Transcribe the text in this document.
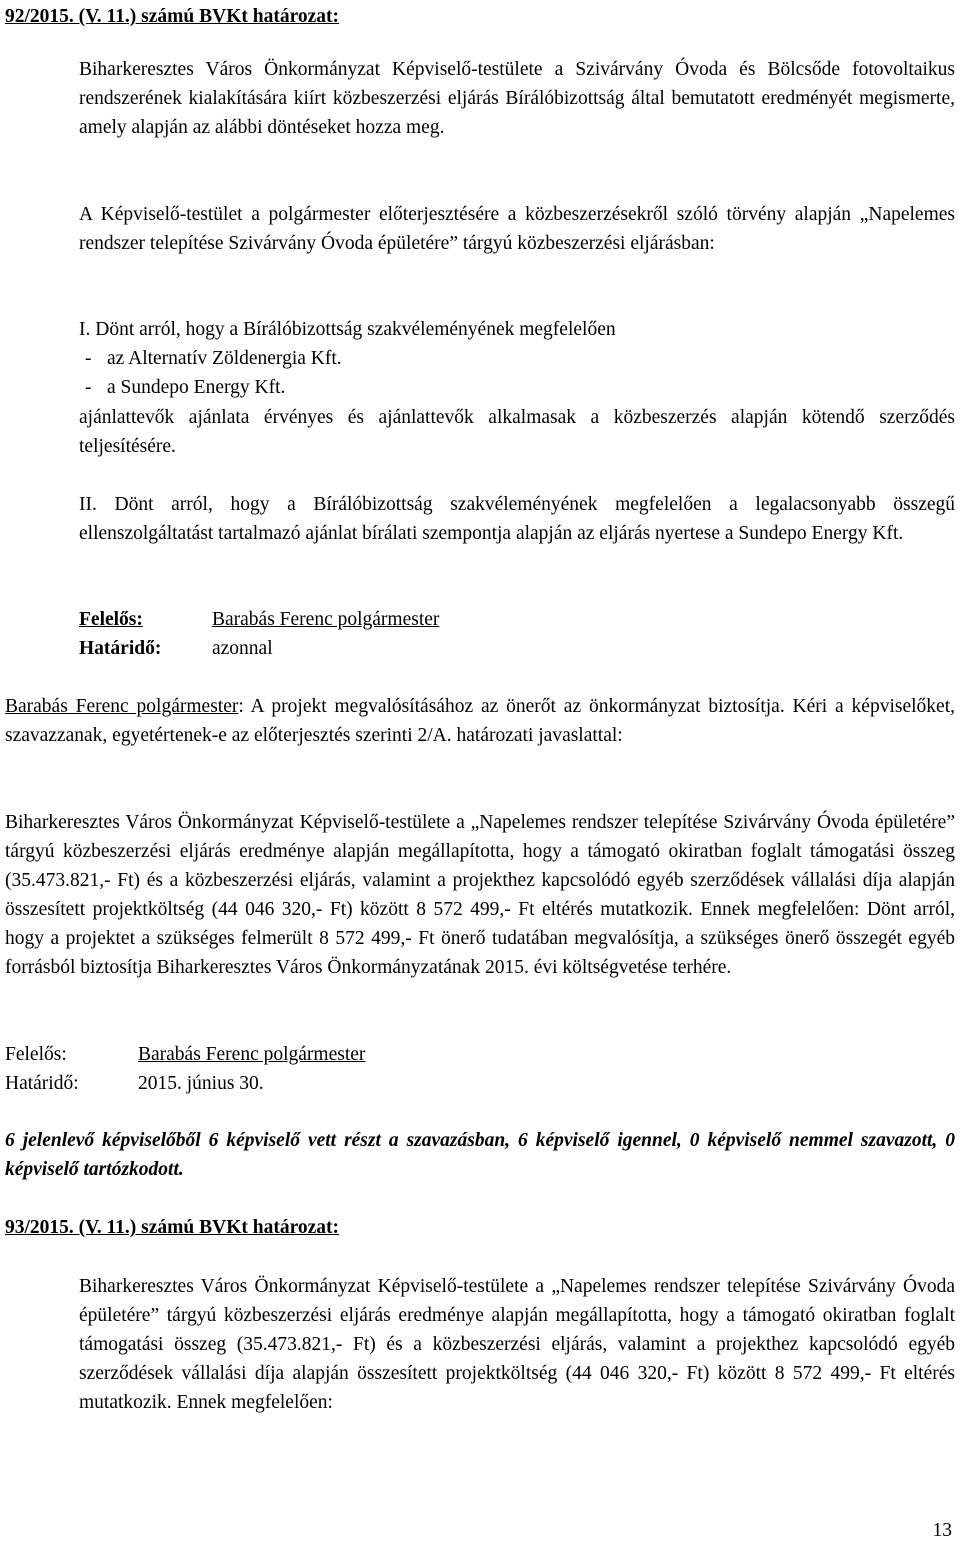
92/2015. (V. 11.) számú BVKt határozat:
Biharkeresztes Város Önkormányzat Képviselő-testülete a Szivárvány Óvoda és Bölcsőde fotovoltaikus rendszerének kialakítására kiírt közbeszerzési eljárás Bírálóbizottság által bemutatott eredményét megismerte, amely alapján az alábbi döntéseket hozza meg.
A Képviselő-testület a polgármester előterjesztésére a közbeszerzésekről szóló törvény alapján „Napelemes rendszer telepítése Szivárvány Óvoda épületére” tárgyú közbeszerzési eljárásban:
I. Dönt arról, hogy a Bírálóbizottság szakvéleményének megfelelően
- az Alternatív Zöldenergia Kft.
- a Sundepo Energy Kft.
ajánlattevők ajánlata érvényes és ajánlattevők alkalmasak a közbeszerzés alapján kötendő szerződés teljesítésére.
II. Dönt arról, hogy a Bírálóbizottság szakvéleményének megfelelően a legalacsonyabb összegű ellenszolgáltatást tartalmazó ajánlat bírálati szempontja alapján az eljárás nyertese a Sundepo Energy Kft.
Felelős:	Barabás Ferenc polgármester
Határidő:	azonnal
Barabás Ferenc polgármester: A projekt megvalósításához az önerőt az önkormányzat biztosítja. Kéri a képviselőket, szavazzanak, egyetértenek-e az előterjesztés szerinti 2/A. határozati javaslattal:
Biharkeresztes Város Önkormányzat Képviselő-testülete a „Napelemes rendszer telepítése Szivárvány Óvoda épületére” tárgyú közbeszerzési eljárás eredménye alapján megállapította, hogy a támogató okiratban foglalt támogatási összeg (35.473.821,- Ft) és a közbeszerzési eljárás, valamint a projekthez kapcsolódó egyéb szerződések vállalási díja alapján összesített projektköltség (44 046 320,- Ft) között 8 572 499,- Ft eltérés mutatkozik. Ennek megfelelően: Dönt arról, hogy a projektet a szükséges felmerült 8 572 499,- Ft önerő tudatában megvalósítja, a szükséges önerő összegét egyéb forrásból biztosítja Biharkeresztes Város Önkormányzatának 2015. évi költségvetése terhére.
Felelős:	Barabás Ferenc polgármester
Határidő:	2015. június 30.
6 jelenlevő képviselőből 6 képviselő vett részt a szavazásban, 6 képviselő igennel, 0 képviselő nemmel szavazott, 0 képviselő tartózkodott.
93/2015. (V. 11.) számú BVKt határozat:
Biharkeresztes Város Önkormányzat Képviselő-testülete a „Napelemes rendszer telepítése Szivárvány Óvoda épületére” tárgyú közbeszerzési eljárás eredménye alapján megállapította, hogy a támogató okiratban foglalt támogatási összeg (35.473.821,- Ft) és a közbeszerzési eljárás, valamint a projekthez kapcsolódó egyéb szerződések vállalási díja alapján összesített projektköltség (44 046 320,- Ft) között 8 572 499,- Ft eltérés mutatkozik. Ennek megfelelően:
13
